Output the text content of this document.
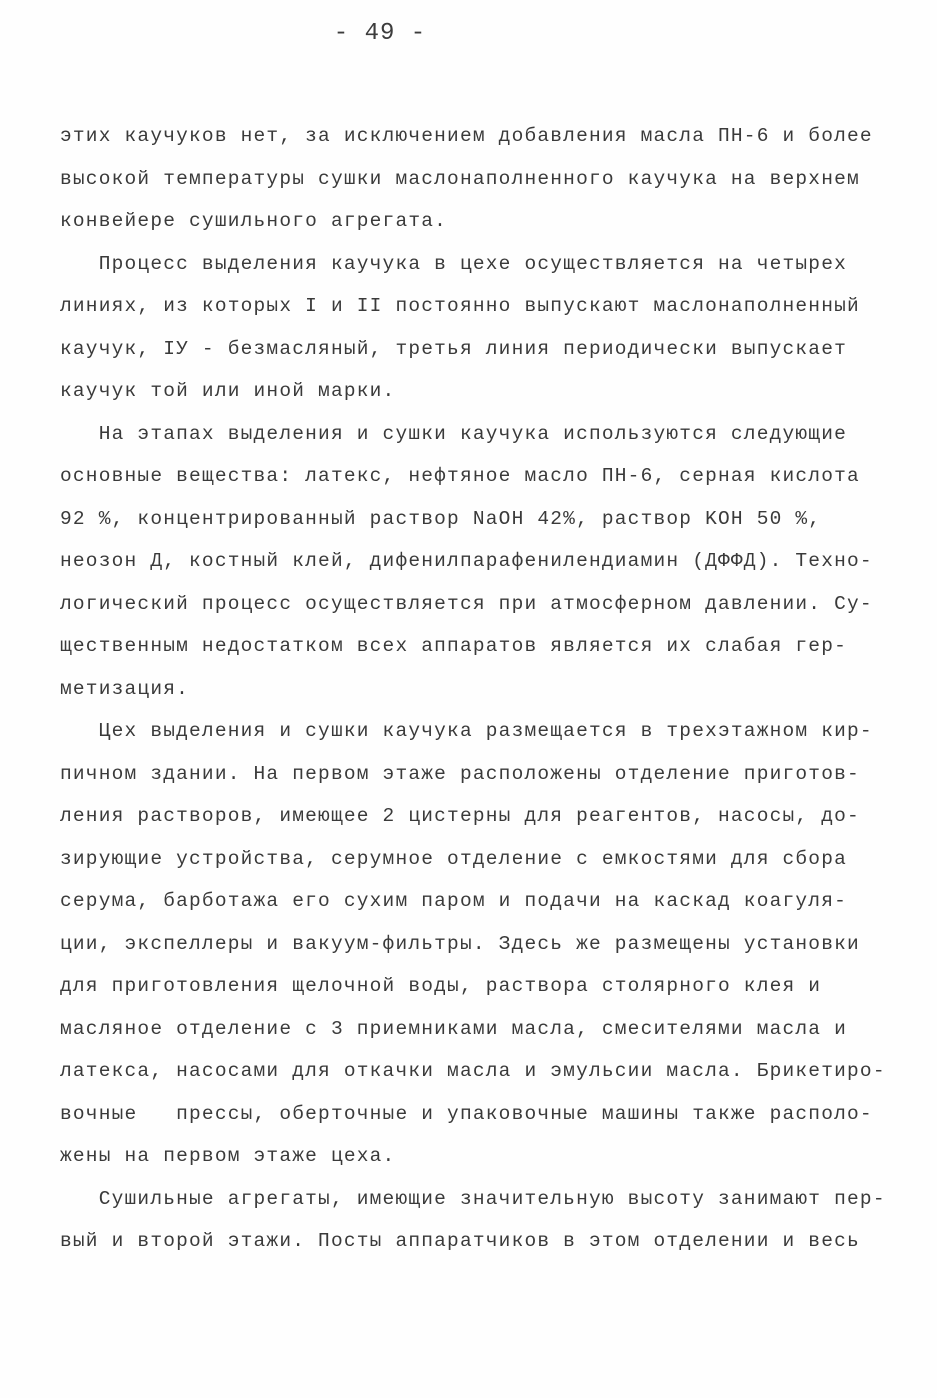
- 49 -
этих каучуков нет, за исключением добавления масла ПН-6 и более
высокой температуры сушки маслонаполненного каучука на верхнем
конвейере сушильного агрегата.
Процесс выделения каучука в цехе осуществляется на четырех
линиях, из которых I и II постоянно выпускают маслонаполненный
каучук, IУ - безмасляный, третья линия периодически выпускает
каучук той или иной марки.
На этапах выделения и сушки каучука используются следующие
основные вещества: латекс, нефтяное масло ПН-6, серная кислота
92 %, концентрированный раствор NaOH 42%, раствор KOH 50 %,
неозон Д, костный клей, дифенилпарафенилендиамин (ДФФД). Техно-
логический процесс осуществляется при атмосферном давлении. Су-
щественным недостатком всех аппаратов является их слабая гер-
метизация.
Цех выделения и сушки каучука размещается в трехэтажном кир-
пичном здании. На первом этаже расположены отделение приготов-
ления растворов, имеющее 2 цистерны для реагентов, насосы, до-
зирующие устройства, серумное отделение с емкостями для сбора
серума, барботажа его сухим паром и подачи на каскад коагуля-
ции, экспеллеры и вакуум-фильтры. Здесь же размещены установки
для приготовления щелочной воды, раствора столярного клея и
масляное отделение с 3 приемниками масла, смесителями масла и
латекса, насосами для откачки масла и эмульсии масла. Брикетиро-
вочные   прессы, оберточные и упаковочные машины также располо-
жены на первом этаже цеха.
Сушильные агрегаты, имеющие значительную высоту занимают пер-
вый и второй этажи. Посты аппаратчиков в этом отделении и весь
